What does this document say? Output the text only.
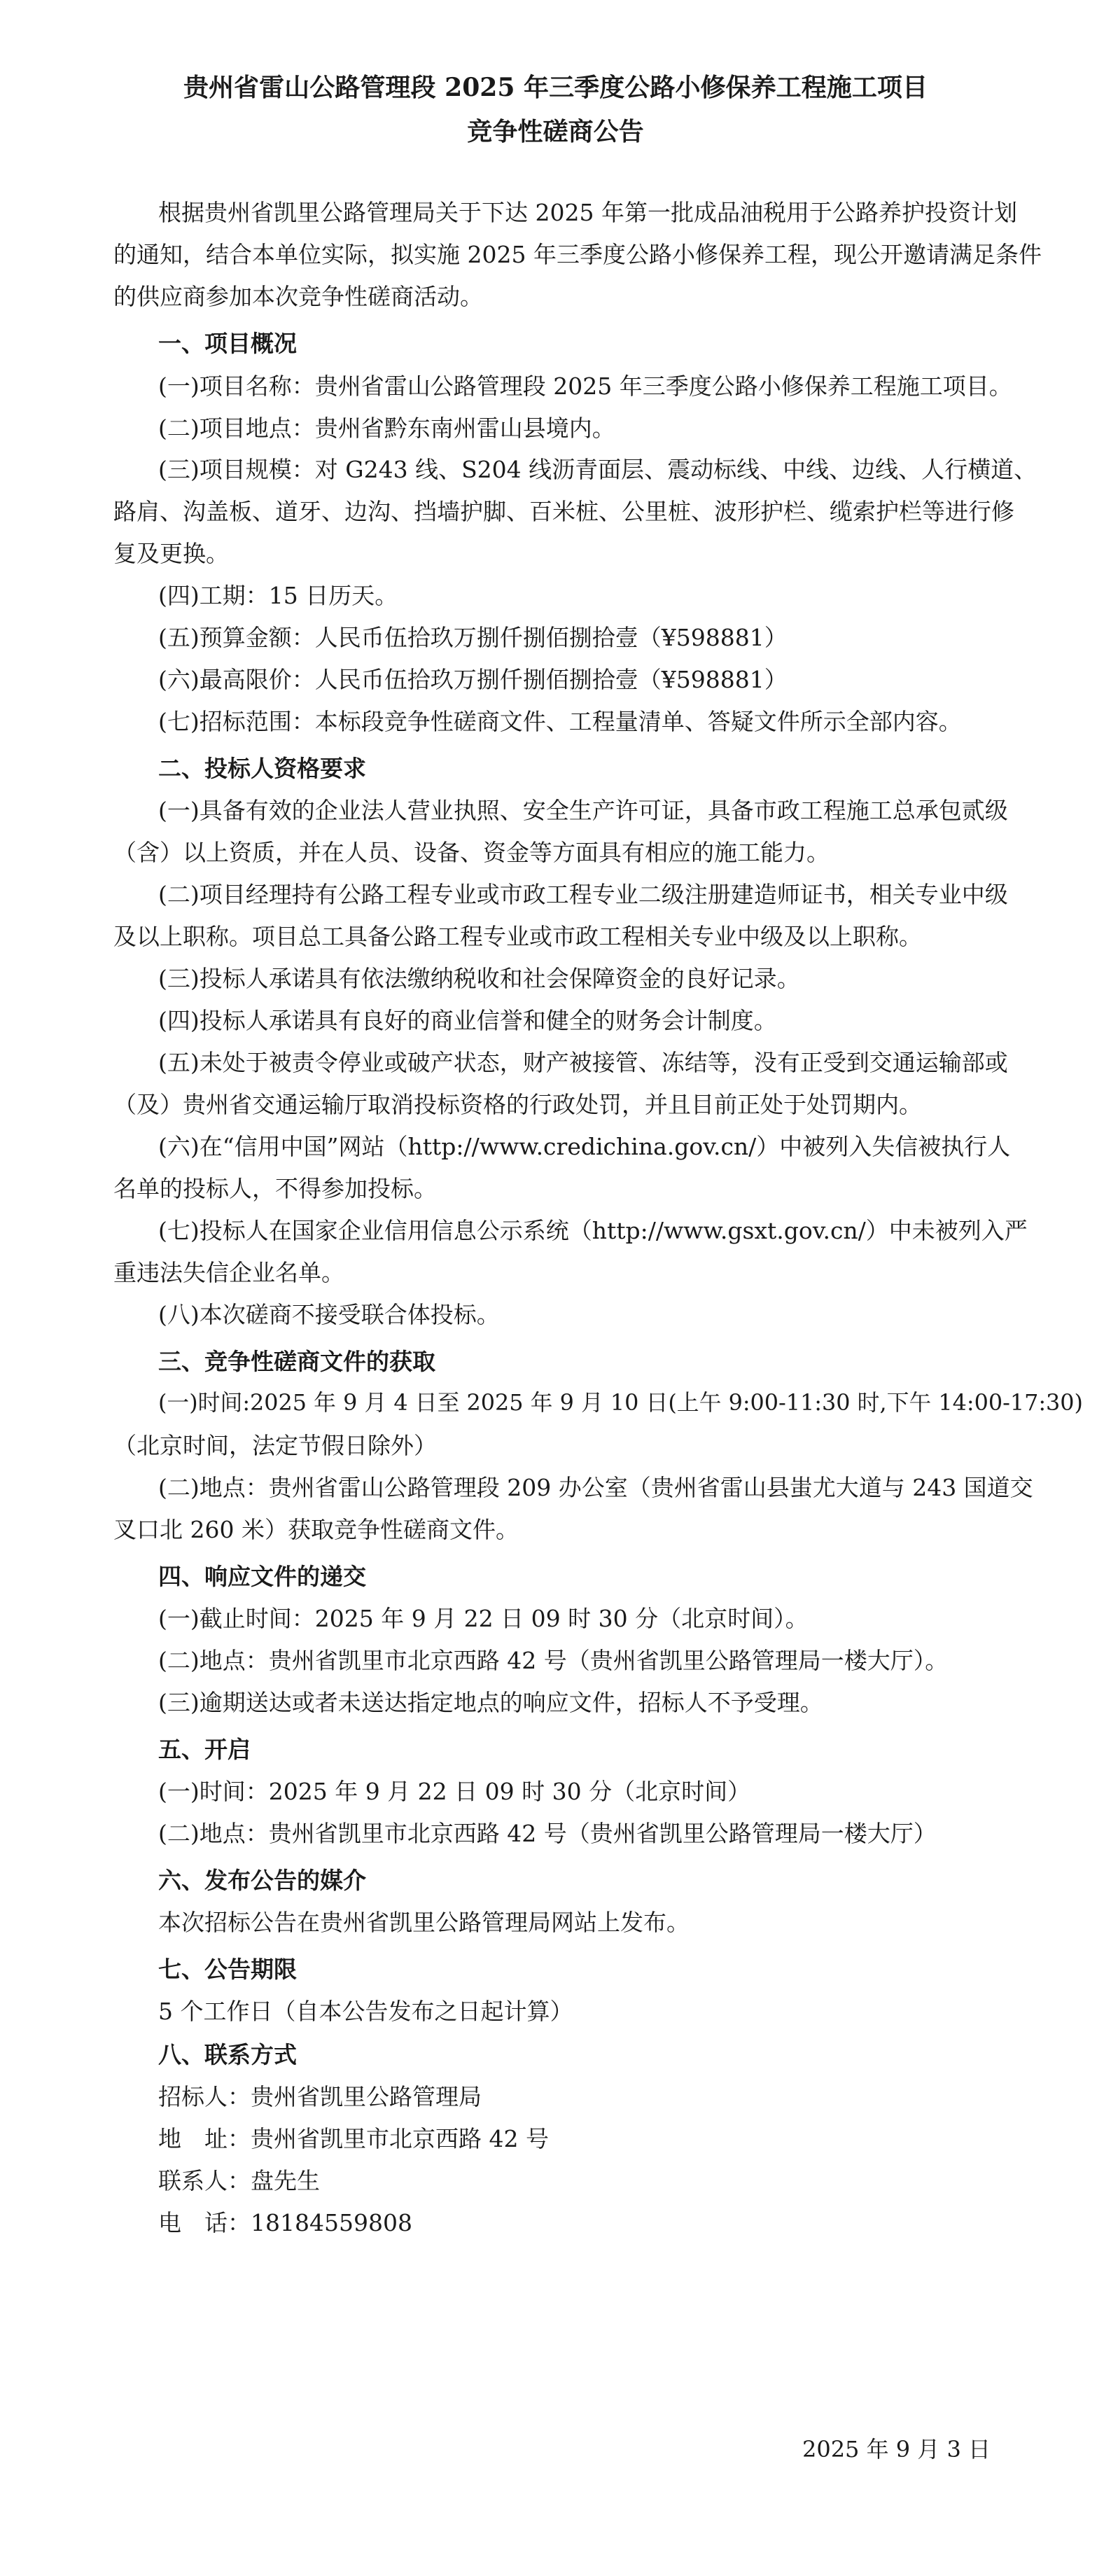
贵州省雷山公路管理段 2025 年三季度公路小修保养工程施工项目
竞争性磋商公告
根据贵州省凯里公路管理局关于下达 2025 年第一批成品油税用于公路养护投资计划
的通知，结合本单位实际，拟实施 2025 年三季度公路小修保养工程，现公开邀请满足条件
的供应商参加本次竞争性磋商活动。
一、项目概况
(一)项目名称：贵州省雷山公路管理段 2025 年三季度公路小修保养工程施工项目。
(二)项目地点：贵州省黔东南州雷山县境内。
(三)项目规模：对 G243 线、S204 线沥青面层、震动标线、中线、边线、人行横道、
路肩、沟盖板、道牙、边沟、挡墙护脚、百米桩、公里桩、波形护栏、缆索护栏等进行修
复及更换。
(四)工期：15 日历天。
(五)预算金额：人民币伍拾玖万捌仟捌佰捌拾壹（¥598881）
(六)最高限价：人民币伍拾玖万捌仟捌佰捌拾壹（¥598881）
(七)招标范围：本标段竞争性磋商文件、工程量清单、答疑文件所示全部内容。
二、投标人资格要求
(一)具备有效的企业法人营业执照、安全生产许可证，具备市政工程施工总承包贰级
（含）以上资质，并在人员、设备、资金等方面具有相应的施工能力。
(二)项目经理持有公路工程专业或市政工程专业二级注册建造师证书，相关专业中级
及以上职称。项目总工具备公路工程专业或市政工程相关专业中级及以上职称。
(三)投标人承诺具有依法缴纳税收和社会保障资金的良好记录。
(四)投标人承诺具有良好的商业信誉和健全的财务会计制度。
(五)未处于被责令停业或破产状态，财产被接管、冻结等，没有正受到交通运输部或
（及）贵州省交通运输厅取消投标资格的行政处罚，并且目前正处于处罚期内。
(六)在“信用中国”网站（http://www.credichina.gov.cn/）中被列入失信被执行人
名单的投标人，不得参加投标。
(七)投标人在国家企业信用信息公示系统（http://www.gsxt.gov.cn/）中未被列入严
重违法失信企业名单。
(八)本次磋商不接受联合体投标。
三、竞争性磋商文件的获取
(一)时间:2025 年 9 月 4 日至 2025 年 9 月 10 日(上午 9:00-11:30 时,下午 14:00-17:30)
（北京时间，法定节假日除外）
(二)地点：贵州省雷山公路管理段 209 办公室（贵州省雷山县蚩尤大道与 243 国道交
叉口北 260 米）获取竞争性磋商文件。
四、响应文件的递交
(一)截止时间：2025 年 9 月 22 日 09 时 30 分（北京时间）。
(二)地点：贵州省凯里市北京西路 42 号（贵州省凯里公路管理局一楼大厅）。
(三)逾期送达或者未送达指定地点的响应文件，招标人不予受理。
五、开启
(一)时间：2025 年 9 月 22 日 09 时 30 分（北京时间）
(二)地点：贵州省凯里市北京西路 42 号（贵州省凯里公路管理局一楼大厅）
六、发布公告的媒介
本次招标公告在贵州省凯里公路管理局网站上发布。
七、公告期限
5 个工作日（自本公告发布之日起计算）
八、联系方式
招标人：贵州省凯里公路管理局
地　址：贵州省凯里市北京西路 42 号
联系人：盘先生
电　话：18184559808
2025 年 9 月 3 日
